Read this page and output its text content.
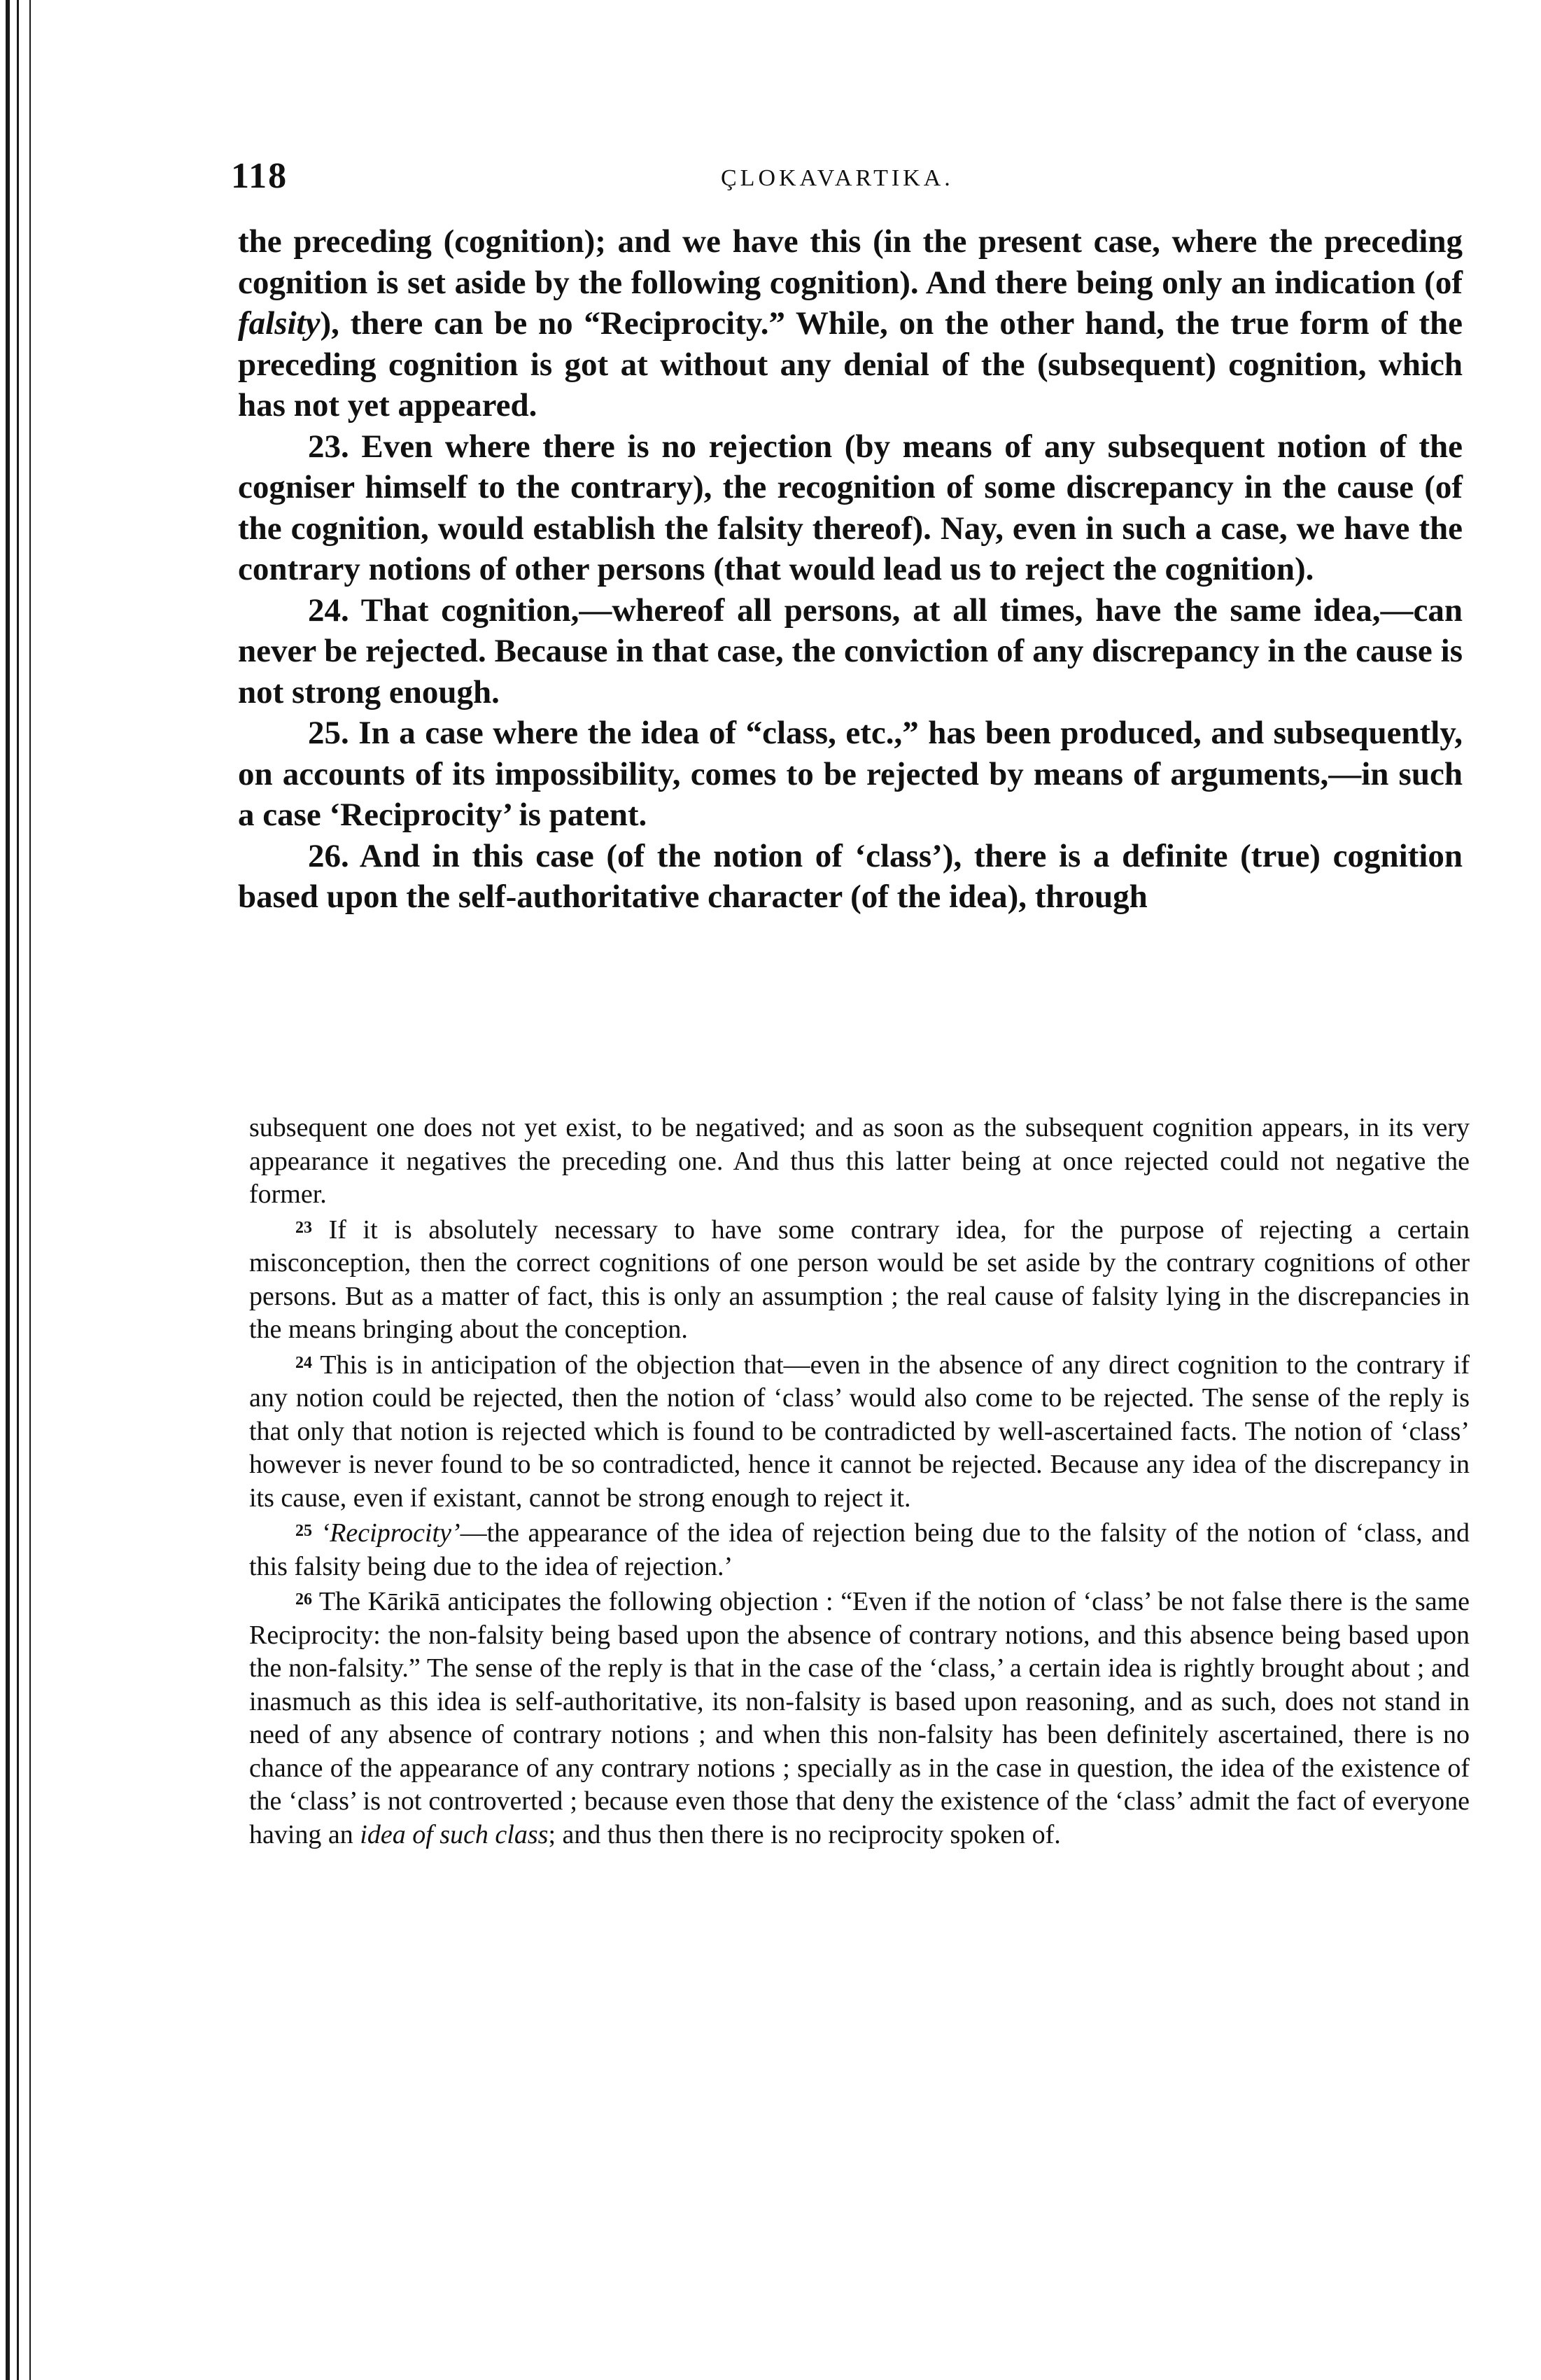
118	ÇLOKAVARTIKA.

the preceding (cognition); and we have this (in the present case, where the preceding cognition is set aside by the following cognition). And there being only an indication (of falsity), there can be no “Reciprocity.” While, on the other hand, the true form of the preceding cognition is got at without any denial of the (subsequent) cognition, which has not yet appeared.

23. Even where there is no rejection (by means of any subsequent notion of the cogniser himself to the contrary), the recognition of some discrepancy in the cause (of the cognition, would establish the falsity thereof). Nay, even in such a case, we have the contrary notions of other persons (that would lead us to reject the cognition).

24. That cognition,—whereof all persons, at all times, have the same idea,—can never be rejected. Because in that case, the conviction of any discrepancy in the cause is not strong enough.

25. In a case where the idea of “class, etc.,” has been produced, and subsequently, on accounts of its impossibility, comes to be rejected by means of arguments,—in such a case ‘Reciprocity’ is patent.

26. And in this case (of the notion of ‘class’), there is a definite (true) cognition based upon the self-authoritative character (of the idea), through

subsequent one does not yet exist, to be negatived; and as soon as the subsequent cognition appears, in its very appearance it negatives the preceding one. And thus this latter being at once rejected could not negative the former.

$^{23}$ If it is absolutely necessary to have some contrary idea, for the purpose of rejecting a certain misconception, then the correct cognitions of one person would be set aside by the contrary cognitions of other persons. But as a matter of fact, this is only an assumption ; the real cause of falsity lying in the discrepancies in the means bringing about the conception.

$^{24}$ This is in anticipation of the objection that—even in the absence of any direct cognition to the contrary if any notion could be rejected, then the notion of ‘class’ would also come to be rejected. The sense of the reply is that only that notion is rejected which is found to be contradicted by well-ascertained facts. The notion of ‘class’ however is never found to be so contradicted, hence it cannot be rejected. Because any idea of the discrepancy in its cause, even if existant, cannot be strong enough to reject it.

$^{25}$ ‘Reciprocity’—the appearance of the idea of rejection being due to the falsity of the notion of ‘class, and this falsity being due to the idea of rejection.’

$^{26}$ The Kārikā anticipates the following objection : “Even if the notion of ‘class’ be not false there is the same Reciprocity: the non-falsity being based upon the absence of contrary notions, and this absence being based upon the non-falsity.” The sense of the reply is that in the case of the ‘class,’ a certain idea is rightly brought about ; and inasmuch as this idea is self-authoritative, its non-falsity is based upon reasoning, and as such, does not stand in need of any absence of contrary notions ; and when this non-falsity has been definitely ascertained, there is no chance of the appearance of any contrary notions ; specially as in the case in question, the idea of the existence of the ‘class’ is not controverted ; because even those that deny the existence of the ‘class’ admit the fact of everyone having an idea of such class; and thus then there is no reciprocity spoken of.
